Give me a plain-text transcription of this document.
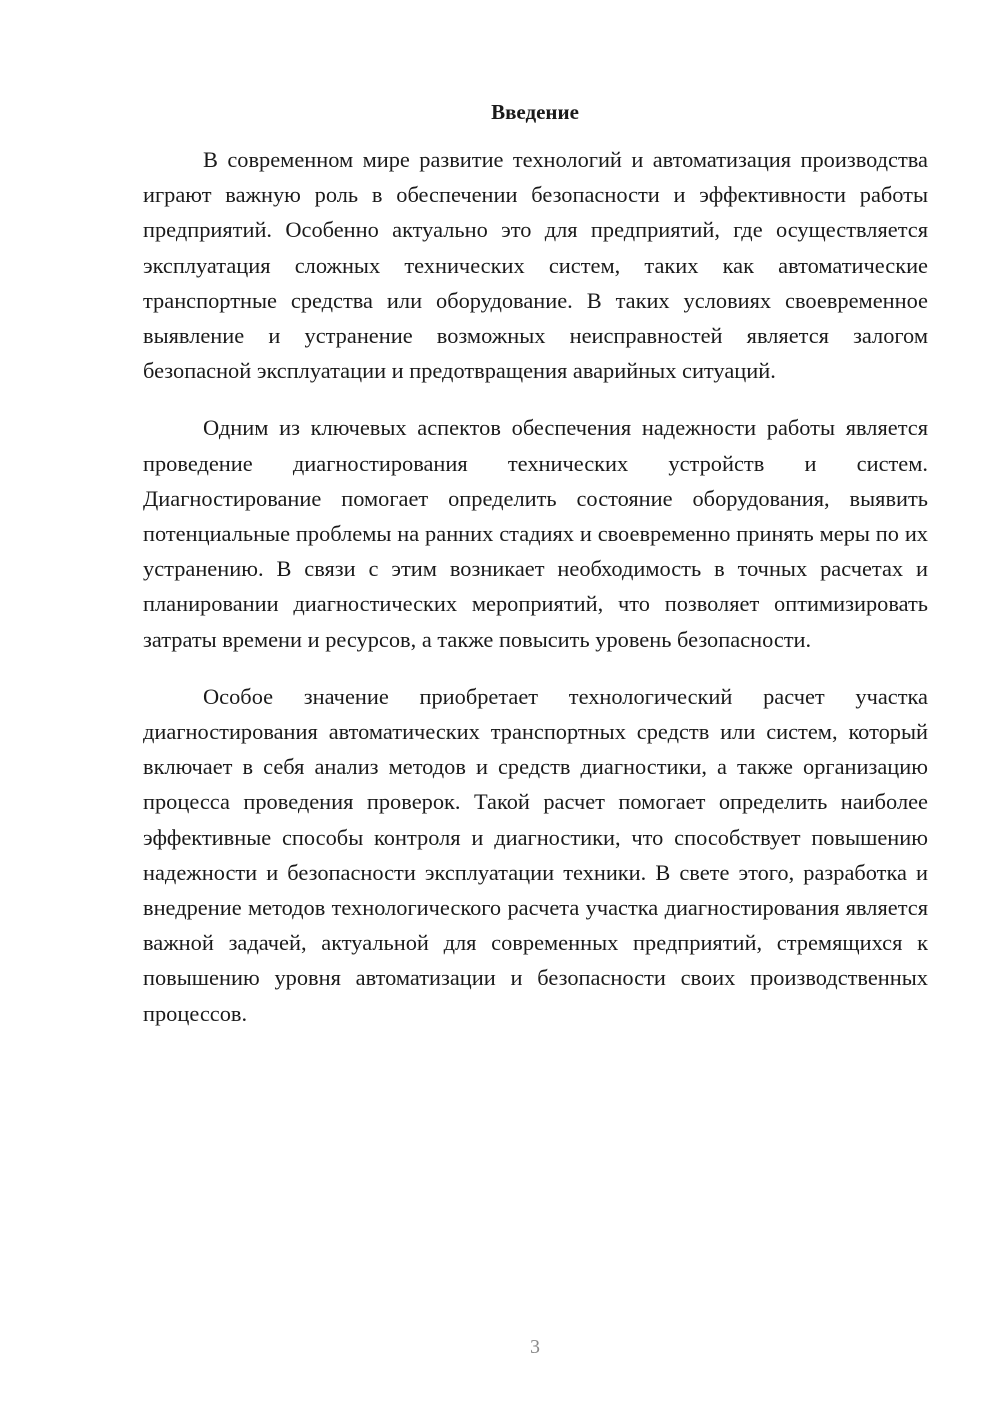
Введение

В современном мире развитие технологий и автоматизация производства играют важную роль в обеспечении безопасности и эффективности работы предприятий. Особенно актуально это для предприятий, где осуществляется эксплуатация сложных технических систем, таких как автоматические транспортные средства или оборудование. В таких условиях своевременное выявление и устранение возможных неисправностей является залогом безопасной эксплуатации и предотвращения аварийных ситуаций.

Одним из ключевых аспектов обеспечения надежности работы является проведение диагностирования технических устройств и систем. Диагностирование помогает определить состояние оборудования, выявить потенциальные проблемы на ранних стадиях и своевременно принять меры по их устранению. В связи с этим возникает необходимость в точных расчетах и планировании диагностических мероприятий, что позволяет оптимизировать затраты времени и ресурсов, а также повысить уровень безопасности.

Особое значение приобретает технологический расчет участка диагностирования автоматических транспортных средств или систем, который включает в себя анализ методов и средств диагностики, а также организацию процесса проведения проверок. Такой расчет помогает определить наиболее эффективные способы контроля и диагностики, что способствует повышению надежности и безопасности эксплуатации техники. В свете этого, разработка и внедрение методов технологического расчета участка диагностирования является важной задачей, актуальной для современных предприятий, стремящихся к повышению уровня автоматизации и безопасности своих производственных процессов.

3
